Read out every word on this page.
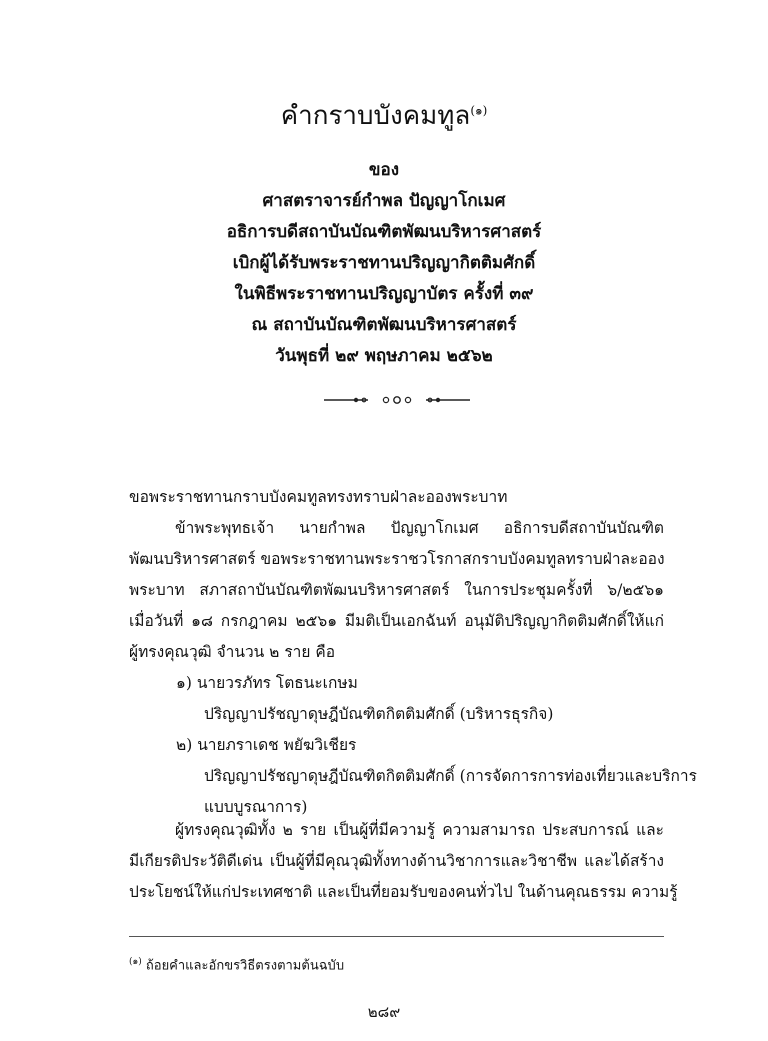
คำกราบบังคมทูล$^{(๑)}$
ของ
ศาสตราจารย์กำพล ปัญญาโกเมศ
อธิการบดีสถาบันบัณฑิตพัฒนบริหารศาสตร์
เบิกผู้ได้รับพระราชทานปริญญากิตติมศักดิ์
ในพิธีพระราชทานปริญญาบัตร ครั้งที่ ๓๙
ณ สถาบันบัณฑิตพัฒนบริหารศาสตร์
วันพุธที่ ๒๙ พฤษภาคม ๒๕๖๒
ขอพระราชทานกราบบังคมทูลทรงทราบฝ่าละอองพระบาท
ข้าพระพุทธเจ้า นายกำพล ปัญญาโกเมศ อธิการบดีสถาบันบัณฑิต
พัฒนบริหารศาสตร์ ขอพระราชทานพระราชวโรกาสกราบบังคมทูลทราบฝ่าละออง
พระบาท สภาสถาบันบัณฑิตพัฒนบริหารศาสตร์ ในการประชุมครั้งที่ ๖/๒๕๖๑
เมื่อวันที่ ๑๘ กรกฎาคม ๒๕๖๑ มีมติเป็นเอกฉันท์ อนุมัติปริญญากิตติมศักดิ์ให้แก่
ผู้ทรงคุณวุฒิ จำนวน ๒ ราย คือ
๑) นายวรภัทร โตธนะเกษม
ปริญญาปรัชญาดุษฎีบัณฑิตกิตติมศักดิ์ (บริหารธุรกิจ)
๒) นายภราเดช พยัฆวิเชียร
ปริญญาปรัชญาดุษฎีบัณฑิตกิตติมศักดิ์ (การจัดการการท่องเที่ยวและบริการ
แบบบูรณาการ)
ผู้ทรงคุณวุฒิทั้ง ๒ ราย เป็นผู้ที่มีความรู้ ความสามารถ ประสบการณ์ และ
มีเกียรติประวัติดีเด่น เป็นผู้ที่มีคุณวุฒิทั้งทางด้านวิชาการและวิชาชีพ และได้สร้าง
ประโยชน์ให้แก่ประเทศชาติ และเป็นที่ยอมรับของคนทั่วไป ในด้านคุณธรรม ความรู้
$^{(๑)}$ ถ้อยคำและอักขรวิธีตรงตามต้นฉบับ
๒๘๙
